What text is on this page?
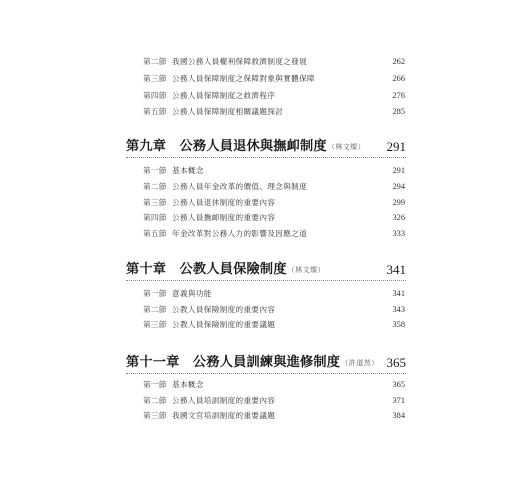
第二節 我國公務人員權利保障救濟制度之發展	262
第三節 公務人員保障制度之保障對象與實體保障	266
第四節 公務人員保障制度之救濟程序	276
第五節 公務人員保障制度相關議題探討	285
第九章　公務人員退休與撫卹制度（林文燦） 291
第一節 基本概念	291
第二節 公務人員年金改革的價值、理念與制度	294
第三節 公務人員退休制度的重要內容	299
第四節 公務人員撫卹制度的重要內容	326
第五節 年金改革對公務人力的影響及因應之道	333
第十章　公教人員保險制度（林文燦）	341
第一節 意義與功能	341
第二節 公教人員保險制度的重要內容	343
第三節 公教人員保險制度的重要議題	358
第十一章　公務人員訓練與進修制度（許道然） 365
第一節 基本概念	365
第二節 公務人員培訓制度的重要內容	371
第三節 我國文官培訓制度的重要議題	384
